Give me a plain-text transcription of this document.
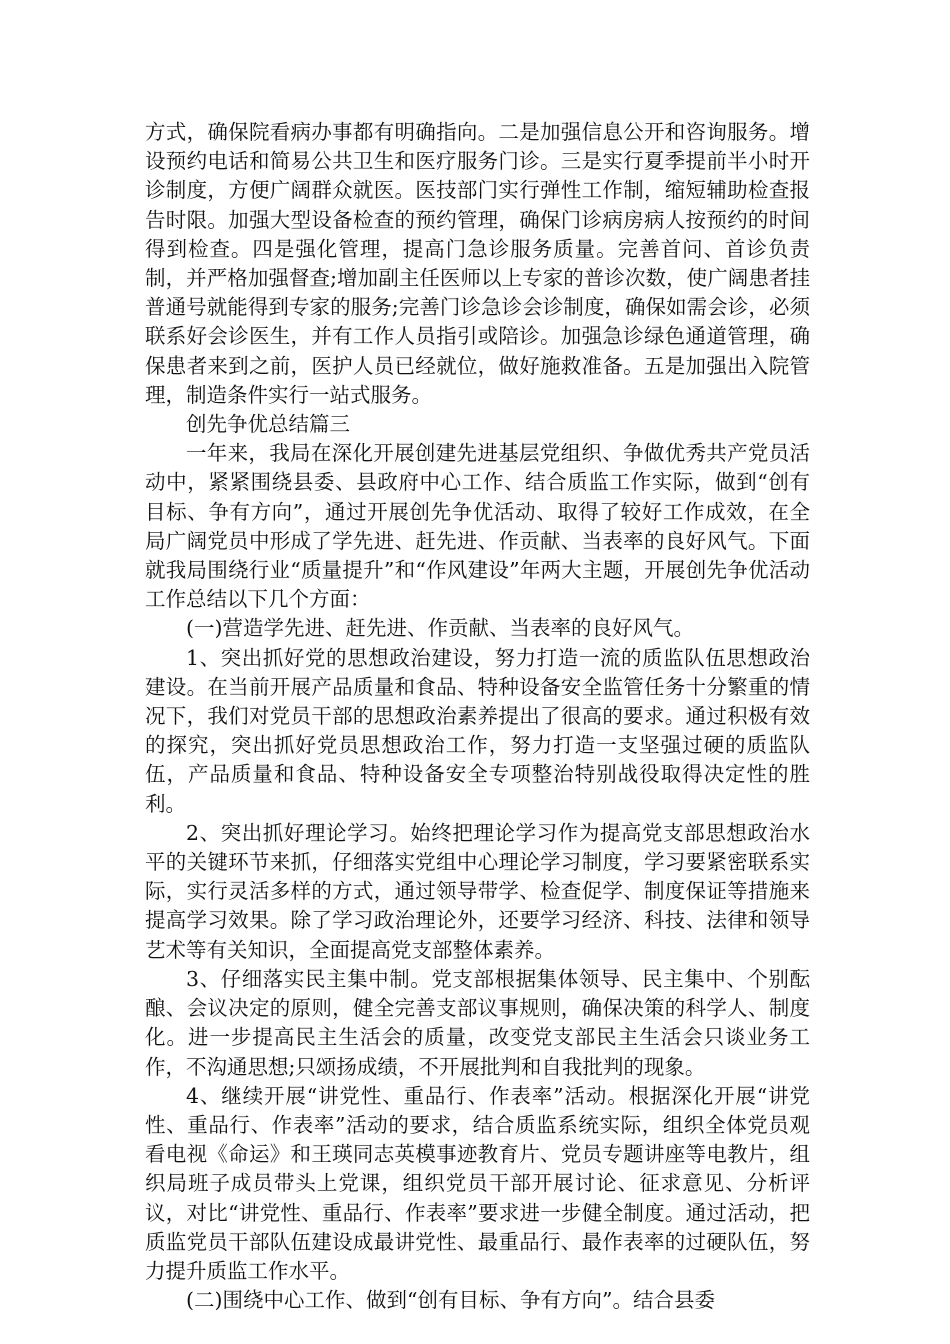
方式，确保院看病办事都有明确指向。二是加强信息公开和咨询服务。增设预约电话和简易公共卫生和医疗服务门诊。三是实行夏季提前半小时开诊制度，方便广阔群众就医。医技部门实行弹性工作制，缩短辅助检查报告时限。加强大型设备检查的预约管理，确保门诊病房病人按预约的时间得到检查。四是强化管理，提高门急诊服务质量。完善首问、首诊负责制，并严格加强督查;增加副主任医师以上专家的普诊次数，使广阔患者挂普通号就能得到专家的服务;完善门诊急诊会诊制度，确保如需会诊，必须联系好会诊医生，并有工作人员指引或陪诊。加强急诊绿色通道管理，确保患者来到之前，医护人员已经就位，做好施救准备。五是加强出入院管理，制造条件实行一站式服务。

创先争优总结篇三

一年来，我局在深化开展创建先进基层党组织、争做优秀共产党员活动中，紧紧围绕县委、县政府中心工作、结合质监工作实际，做到“创有目标、争有方向”，通过开展创先争优活动、取得了较好工作成效，在全局广阔党员中形成了学先进、赶先进、作贡献、当表率的良好风气。下面就我局围绕行业“质量提升”和“作风建设”年两大主题，开展创先争优活动工作总结以下几个方面：

(一)营造学先进、赶先进、作贡献、当表率的良好风气。

1、突出抓好党的思想政治建设，努力打造一流的质监队伍思想政治建设。在当前开展产品质量和食品、特种设备安全监管任务十分繁重的情况下，我们对党员干部的思想政治素养提出了很高的要求。通过积极有效的探究，突出抓好党员思想政治工作，努力打造一支坚强过硬的质监队伍，产品质量和食品、特种设备安全专项整治特别战役取得决定性的胜利。

2、突出抓好理论学习。始终把理论学习作为提高党支部思想政治水平的关键环节来抓，仔细落实党组中心理论学习制度，学习要紧密联系实际，实行灵活多样的方式，通过领导带学、检查促学、制度保证等措施来提高学习效果。除了学习政治理论外，还要学习经济、科技、法律和领导艺术等有关知识，全面提高党支部整体素养。

3、仔细落实民主集中制。党支部根据集体领导、民主集中、个别酝酿、会议决定的原则，健全完善支部议事规则，确保决策的科学人、制度化。进一步提高民主生活会的质量，改变党支部民主生活会只谈业务工作，不沟通思想;只颂扬成绩，不开展批判和自我批判的现象。

4、继续开展“讲党性、重品行、作表率”活动。根据深化开展“讲党性、重品行、作表率”活动的要求，结合质监系统实际，组织全体党员观看电视《命运》和王瑛同志英模事迹教育片、党员专题讲座等电教片，组织局班子成员带头上党课，组织党员干部开展讨论、征求意见、分析评议，对比“讲党性、重品行、作表率”要求进一步健全制度。通过活动，把质监党员干部队伍建设成最讲党性、最重品行、最作表率的过硬队伍，努力提升质监工作水平。

(二)围绕中心工作、做到“创有目标、争有方向”。结合县委
